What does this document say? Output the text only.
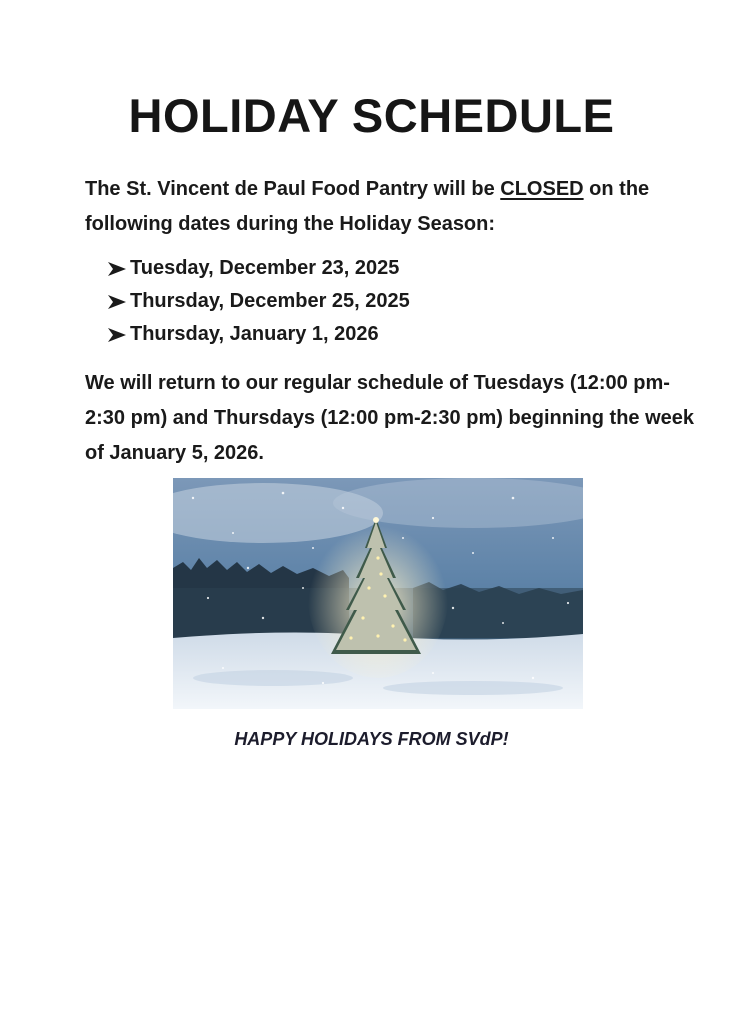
HOLIDAY SCHEDULE
The St. Vincent de Paul Food Pantry will be CLOSED on the following dates during the Holiday Season:
Tuesday, December 23, 2025
Thursday, December 25, 2025
Thursday, January 1, 2026
We will return to our regular schedule of Tuesdays (12:00 pm-2:30 pm) and Thursdays (12:00 pm-2:30 pm) beginning the week of January 5, 2026.
HAPPY HOLIDAYS FROM SVdP!
